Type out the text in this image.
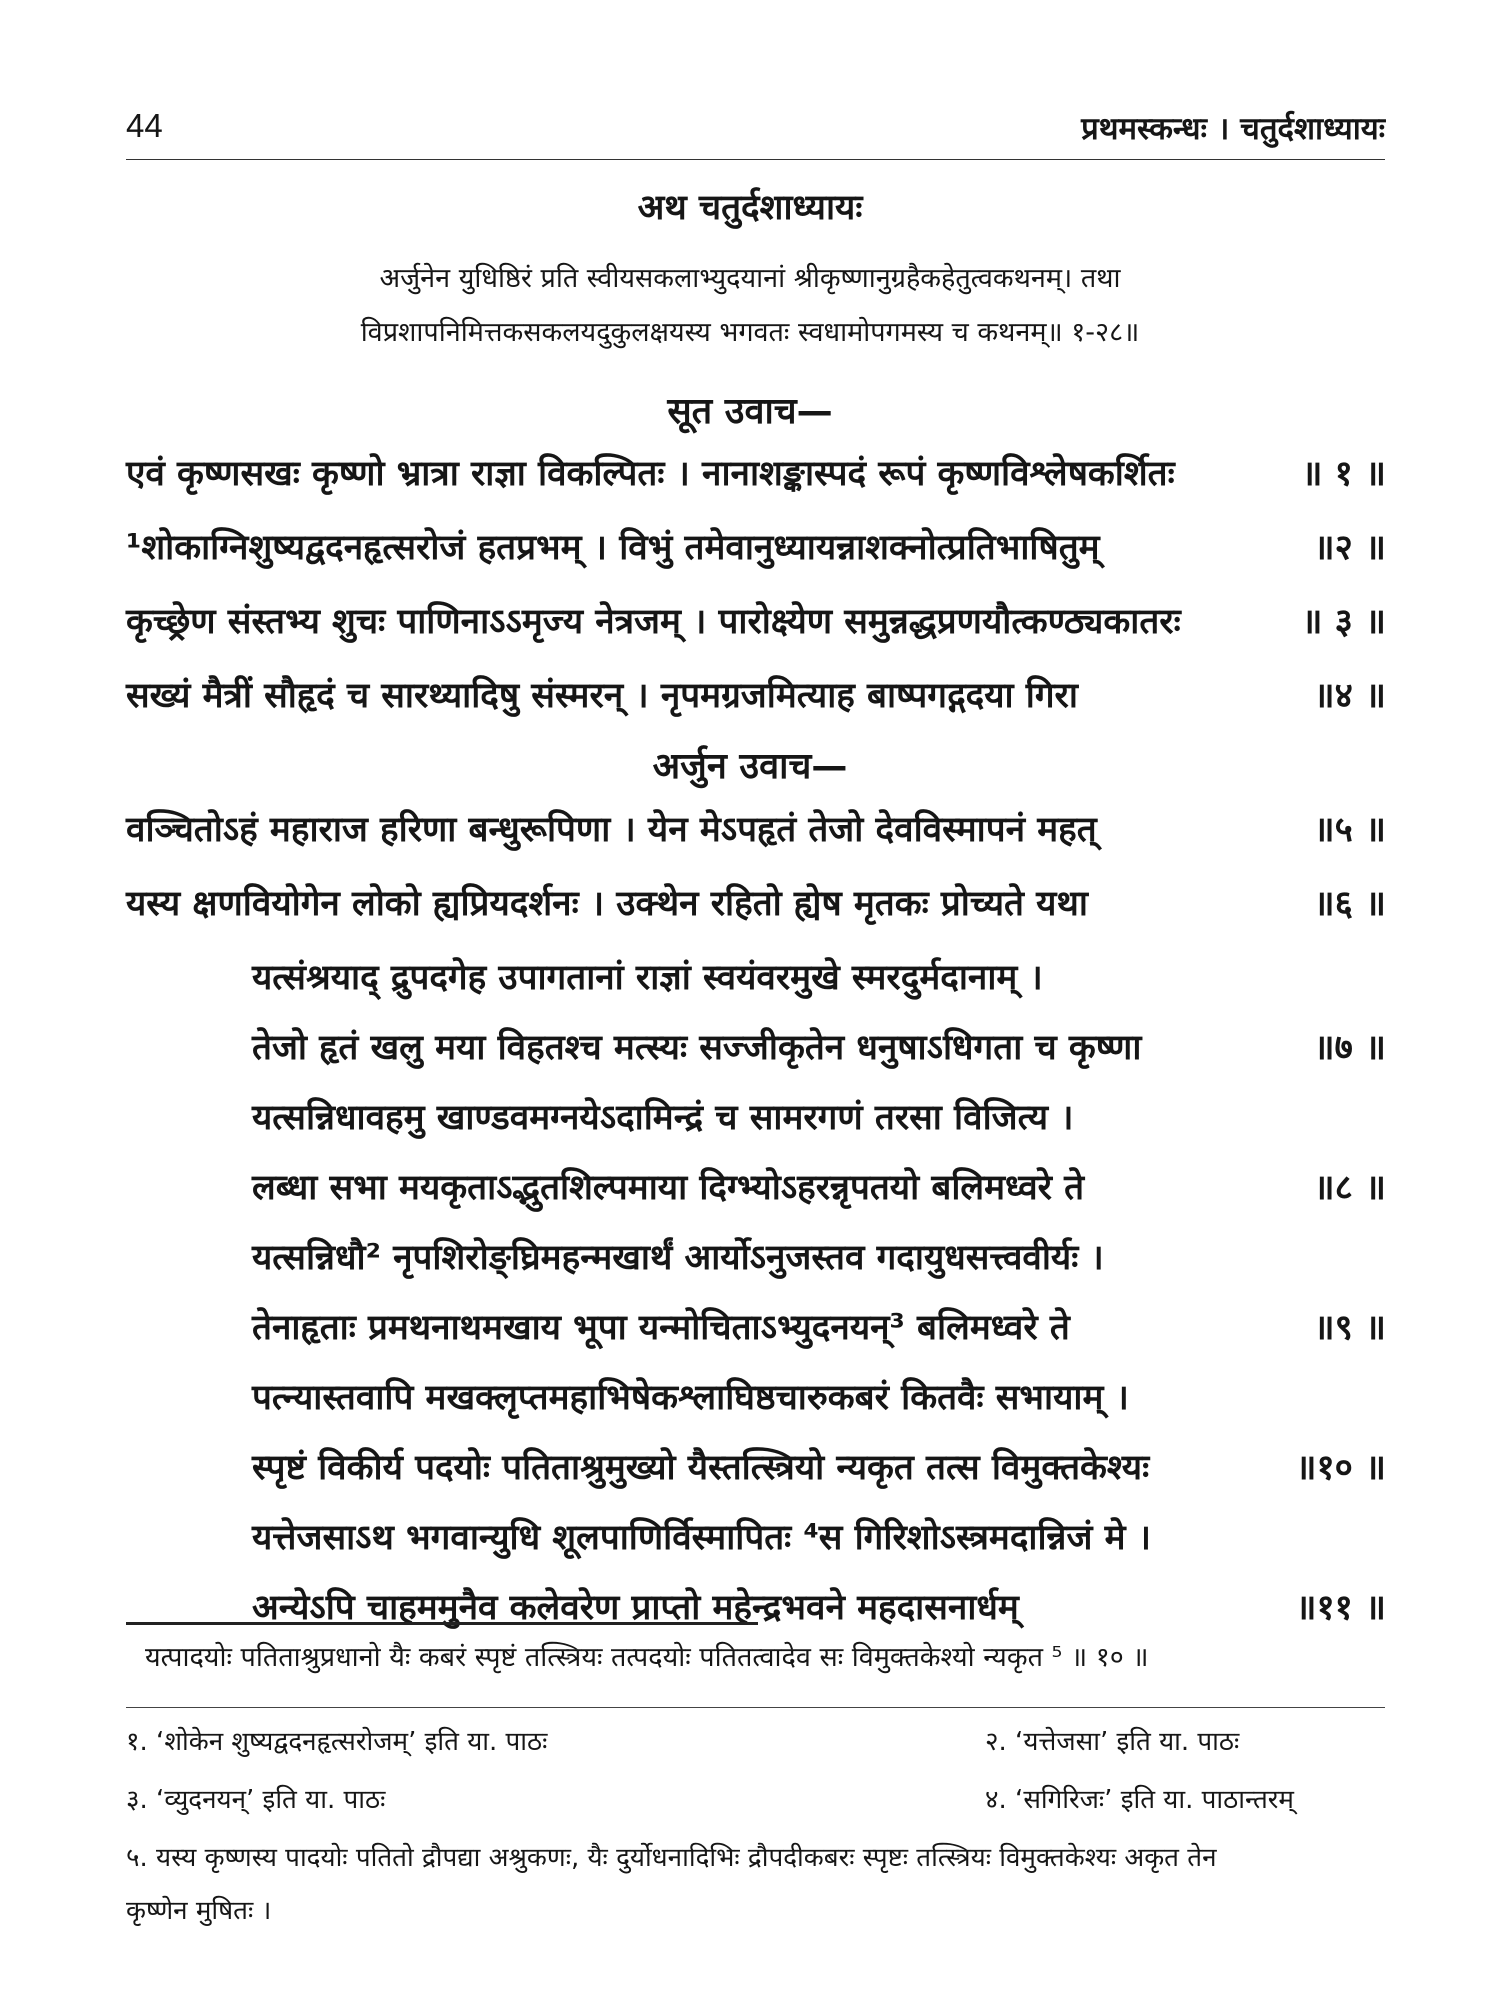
44	प्रथमस्कन्धः । चतुर्दशाध्यायः
अथ चतुर्दशाध्यायः
अर्जुनेन युधिष्ठिरं प्रति स्वीयसकलाभ्युदयानां श्रीकृष्णानुग्रहैकहेतुत्वकथनम्। तथा
विप्रशापनिमित्तकसकलयदुकुलक्षयस्य भगवतः स्वधामोपगमस्य च कथनम्॥ १-२८॥
सूत उवाच—
एवं कृष्णसखः कृष्णो भ्रात्रा राज्ञा विकल्पितः । नानाशङ्कास्पदं रूपं कृष्णविश्लेषकर्शितः	॥ १ ॥
¹शोकाग्निशुष्यद्वदनहृत्सरोजं हतप्रभम् । विभुं तमेवानुध्यायन्नाशक्नोत्प्रतिभाषितुम्	॥२ ॥
कृच्छ्रेण संस्तभ्य शुचः पाणिनाऽऽमृज्य नेत्रजम् । पारोक्ष्येण समुन्नद्धप्रणयौत्कण्ठ्यकातरः	॥ ३ ॥
सख्यं मैत्रीं सौहृदं च सारथ्यादिषु संस्मरन् । नृपमग्रजमित्याह बाष्पगद्गदया गिरा	॥४ ॥
अर्जुन उवाच—
वञ्चितोऽहं महाराज हरिणा बन्धुरूपिणा । येन मेऽपहृतं तेजो देवविस्मापनं महत्	॥५ ॥
यस्य क्षणवियोगेन लोको ह्यप्रियदर्शनः । उक्थेन रहितो ह्येष मृतकः प्रोच्यते यथा	॥६ ॥
यत्संश्रयाद् द्रुपदगेह उपागतानां राज्ञां स्वयंवरमुखे स्मरदुर्मदानाम् ।
तेजो हृतं खलु मया विहतश्च मत्स्यः सज्जीकृतेन धनुषाऽधिगता च कृष्णा	॥७ ॥
यत्सन्निधावहमु खाण्डवमग्नयेऽदामिन्द्रं च सामरगणं तरसा विजित्य ।
लब्धा सभा मयकृताऽद्भुतशिल्पमाया दिग्भ्योऽहरन्नृपतयो बलिमध्वरे ते	॥८ ॥
यत्सन्निधौ² नृपशिरोङ्घ्रिमहन्मखार्थं आर्योऽनुजस्तव गदायुधसत्त्ववीर्यः ।
तेनाहृताः प्रमथनाथमखाय भूपा यन्मोचिताऽभ्युदनयन्³ बलिमध्वरे ते	॥९ ॥
पत्न्यास्तवापि मखक्लृप्तमहाभिषेकश्लाघिष्ठचारुकबरं कितवैः सभायाम् ।
स्पृष्टं विकीर्य पदयोः पतिताश्रुमुख्यो यैस्तत्स्त्रियो न्यकृत तत्स विमुक्तकेश्यः	॥१० ॥
यत्तेजसाऽथ भगवान्युधि शूलपाणिर्विस्मापितः ⁴स गिरिशोऽस्त्रमदान्निजं मे ।
अन्येऽपि चाहममुनैव कलेवरेण प्राप्तो महेन्द्रभवने महदासनार्धम्	॥११ ॥
यत्पादयोः पतिताश्रुप्रधानो यैः कबरं स्पृष्टं तत्स्त्रियः तत्पदयोः पतितत्वादेव सः विमुक्तकेश्यो न्यकृत ⁵ ॥ १० ॥
१. ‘शोकेन शुष्यद्वदनहृत्सरोजम्’ इति या. पाठः	२. ‘यत्तेजसा’ इति या. पाठः
३. ‘व्युदनयन्’ इति या. पाठः	४. ‘सगिरिजः’ इति या. पाठान्तरम्
५. यस्य कृष्णस्य पादयोः पतितो द्रौपद्या अश्रुकणः, यैः दुर्योधनादिभिः द्रौपदीकबरः स्पृष्टः तत्स्त्रियः विमुक्तकेश्यः अकृत तेन
कृष्णेन मुषितः ।
